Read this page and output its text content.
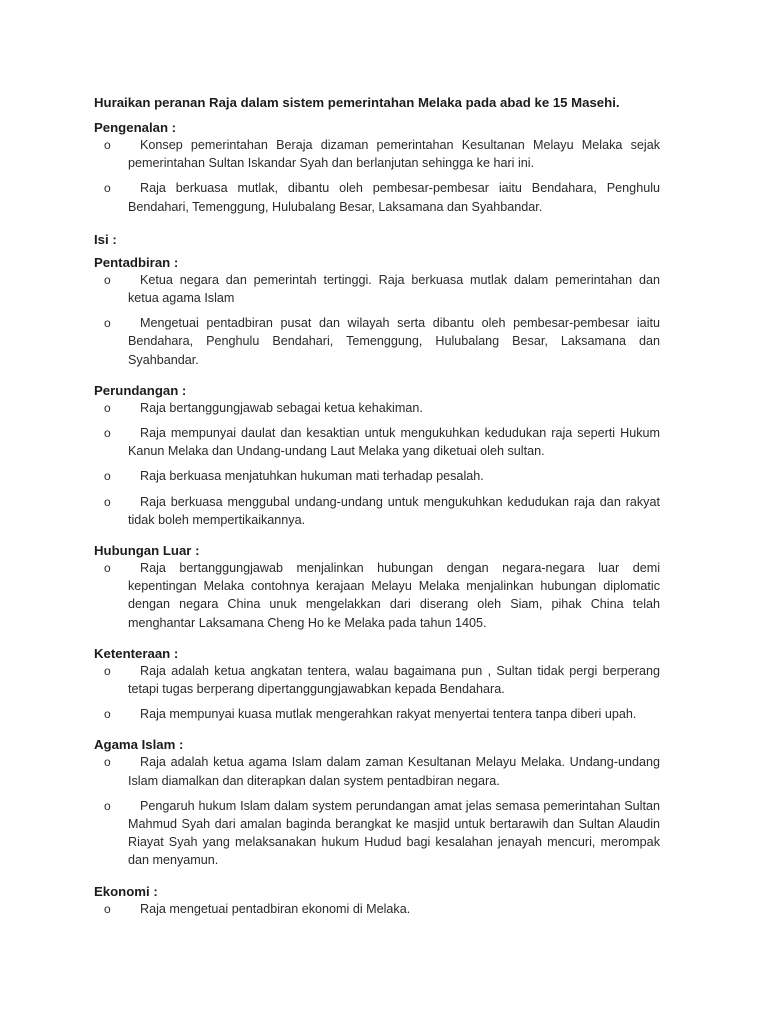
Huraikan peranan Raja dalam sistem pemerintahan Melaka pada abad ke 15 Masehi.
Pengenalan :
o	Konsep pemerintahan Beraja dizaman pemerintahan Kesultanan Melayu Melaka sejak pemerintahan Sultan Iskandar Syah dan berlanjutan sehingga ke hari ini.
o	Raja berkuasa mutlak, dibantu oleh pembesar-pembesar iaitu Bendahara, Penghulu Bendahari, Temenggung, Hulubalang Besar, Laksamana dan Syahbandar.
Isi :
Pentadbiran :
o	Ketua negara dan pemerintah tertinggi. Raja berkuasa mutlak dalam pemerintahan dan ketua agama Islam
o	Mengetuai pentadbiran pusat dan wilayah serta dibantu oleh pembesar-pembesar iaitu Bendahara, Penghulu Bendahari, Temenggung, Hulubalang Besar, Laksamana dan Syahbandar.
Perundangan :
o	Raja bertanggungjawab sebagai ketua kehakiman.
o	Raja mempunyai daulat dan kesaktian untuk mengukuhkan kedudukan raja seperti Hukum Kanun Melaka dan Undang-undang Laut Melaka yang diketuai oleh sultan.
o	Raja berkuasa menjatuhkan hukuman mati terhadap pesalah.
o	Raja berkuasa menggubal undang-undang untuk mengukuhkan kedudukan raja dan rakyat tidak boleh mempertikaikannya.
Hubungan Luar :
o	Raja bertanggungjawab menjalinkan hubungan dengan negara-negara luar demi kepentingan Melaka contohnya kerajaan Melayu Melaka menjalinkan hubungan diplomatic dengan negara China unuk mengelakkan dari diserang oleh Siam, pihak China telah menghantar Laksamana Cheng Ho ke Melaka pada tahun 1405.
Ketenteraan :
o	Raja adalah ketua angkatan tentera, walau bagaimana pun , Sultan tidak pergi berperang tetapi tugas berperang dipertanggungjawabkan kepada Bendahara.
o	Raja mempunyai kuasa mutlak mengerahkan rakyat menyertai tentera tanpa diberi upah.
Agama Islam :
o	Raja adalah ketua agama Islam dalam zaman Kesultanan Melayu Melaka. Undang-undang Islam diamalkan dan diterapkan dalan system pentadbiran negara.
o	Pengaruh hukum Islam dalam system perundangan amat jelas semasa pemerintahan Sultan Mahmud Syah dari amalan baginda berangkat ke masjid untuk bertarawih dan Sultan Alaudin Riayat Syah yang melaksanakan hukum Hudud bagi kesalahan jenayah mencuri, merompak dan menyamun.
Ekonomi :
o	Raja mengetuai pentadbiran ekonomi di Melaka.
